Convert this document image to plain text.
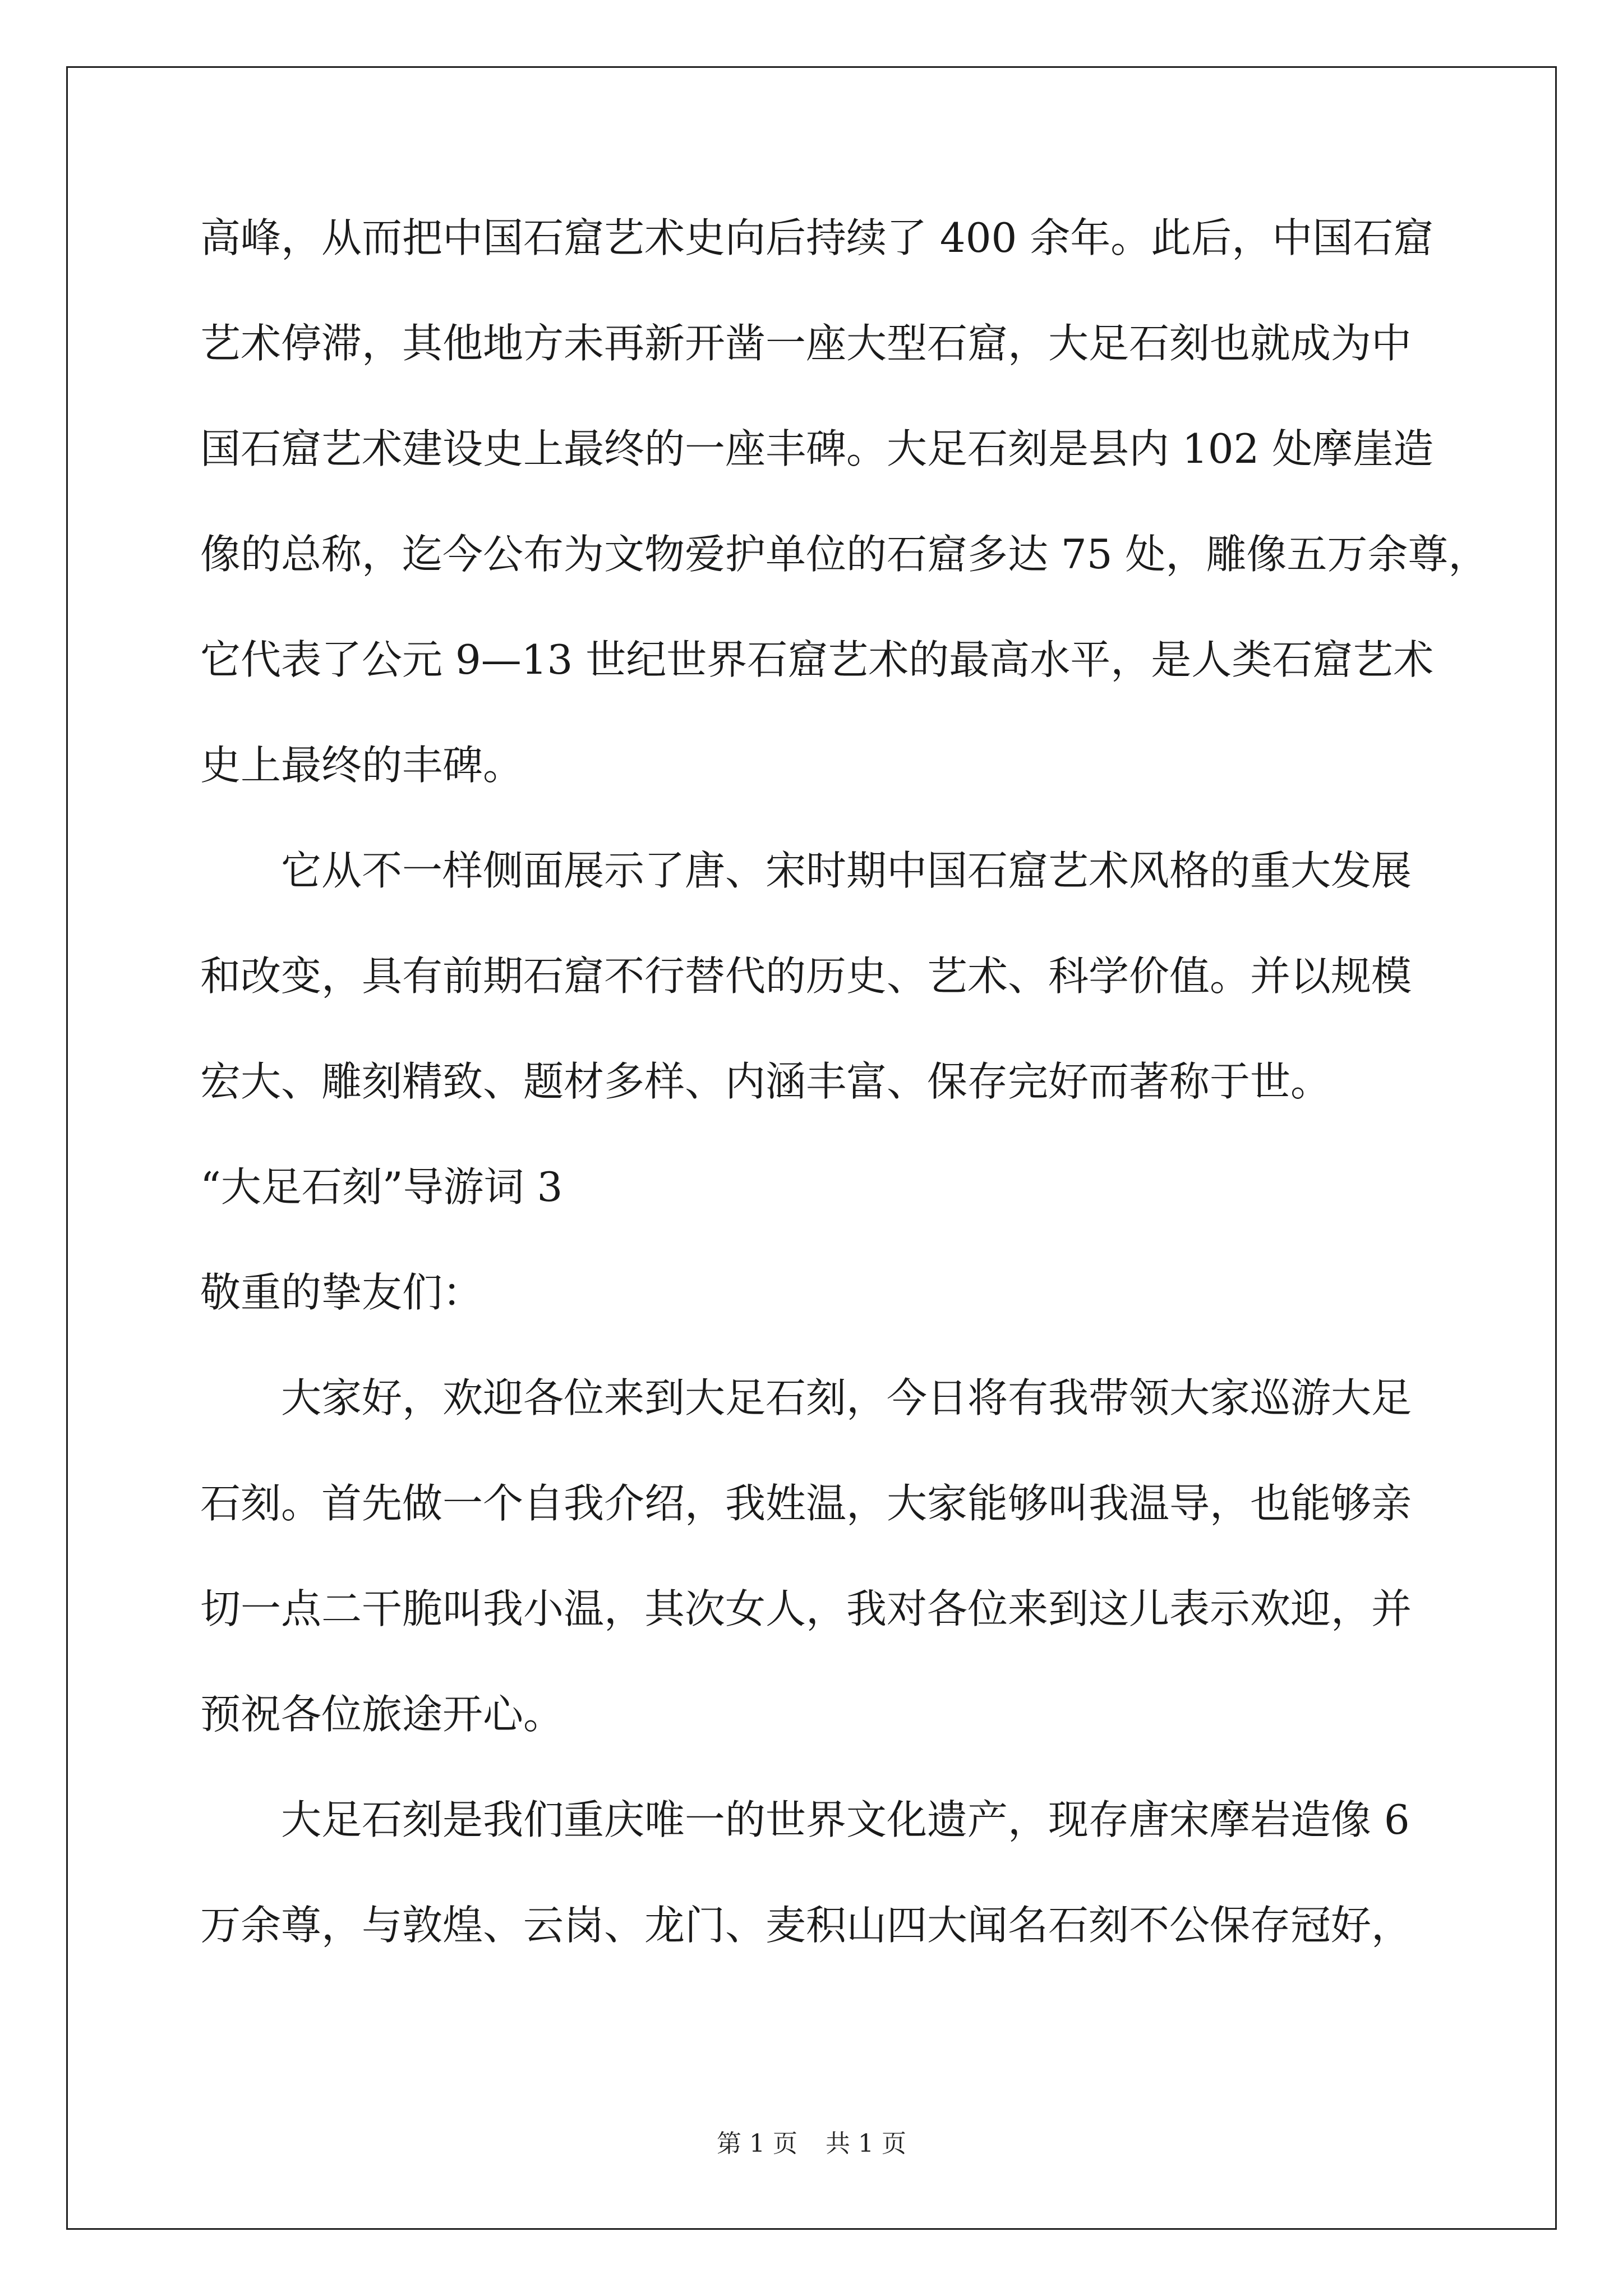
高峰，从而把中国石窟艺术史向后持续了 400 余年。此后，中国石窟
艺术停滞，其他地方未再新开凿一座大型石窟，大足石刻也就成为中
国石窟艺术建设史上最终的一座丰碑。大足石刻是县内 102 处摩崖造
像的总称，迄今公布为文物爱护单位的石窟多达 75 处，雕像五万余尊，
它代表了公元 9—13 世纪世界石窟艺术的最高水平，是人类石窟艺术
史上最终的丰碑。
它从不一样侧面展示了唐、宋时期中国石窟艺术风格的重大发展
和改变，具有前期石窟不行替代的历史、艺术、科学价值。并以规模
宏大、雕刻精致、题材多样、内涵丰富、保存完好而著称于世。
“大足石刻”导游词 3
敬重的挚友们：
大家好，欢迎各位来到大足石刻，今日将有我带领大家巡游大足
石刻。首先做一个自我介绍，我姓温，大家能够叫我温导，也能够亲
切一点二干脆叫我小温，其次女人，我对各位来到这儿表示欢迎，并
预祝各位旅途开心。
大足石刻是我们重庆唯一的世界文化遗产，现存唐宋摩岩造像 6
万余尊，与敦煌、云岗、龙门、麦积山四大闻名石刻不公保存冠好，
第 1 页 共 1 页
